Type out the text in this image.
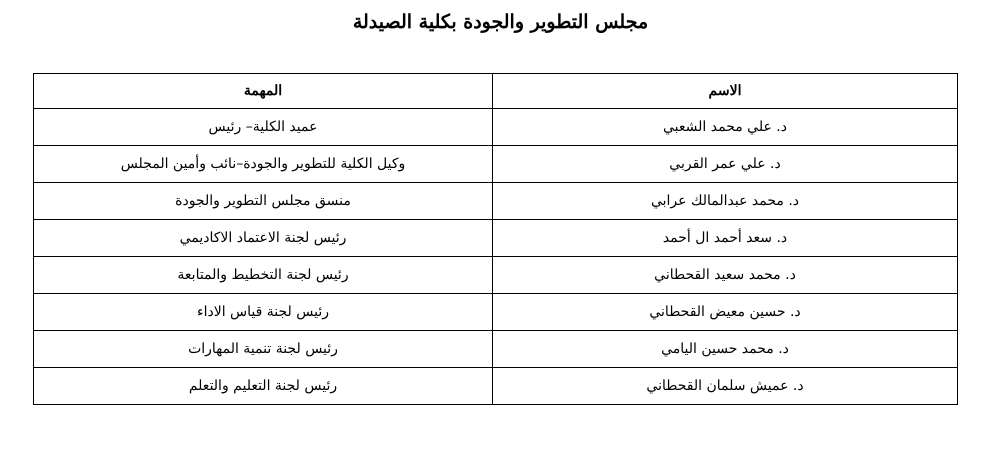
مجلس التطوير والجودة بكلية الصيدلة
الاسم	المهمة
د. علي محمد الشعبي	عميد الكلية– رئيس
د. علي عمر القربي	وكيل الكلية للتطوير والجودة–نائب وأمين المجلس
د. محمد عبدالمالك عرابي	منسق مجلس التطوير والجودة
د. سعد أحمد ال أحمد	رئيس لجنة الاعتماد الاكاديمي
د. محمد سعيد القحطاني	رئيس لجنة التخطيط والمتابعة
د. حسين معيض القحطاني	رئيس لجنة قياس الاداء
د. محمد حسين اليامي	رئيس لجنة تنمية المهارات
د. عميش سلمان القحطاني	رئيس لجنة التعليم والتعلم
